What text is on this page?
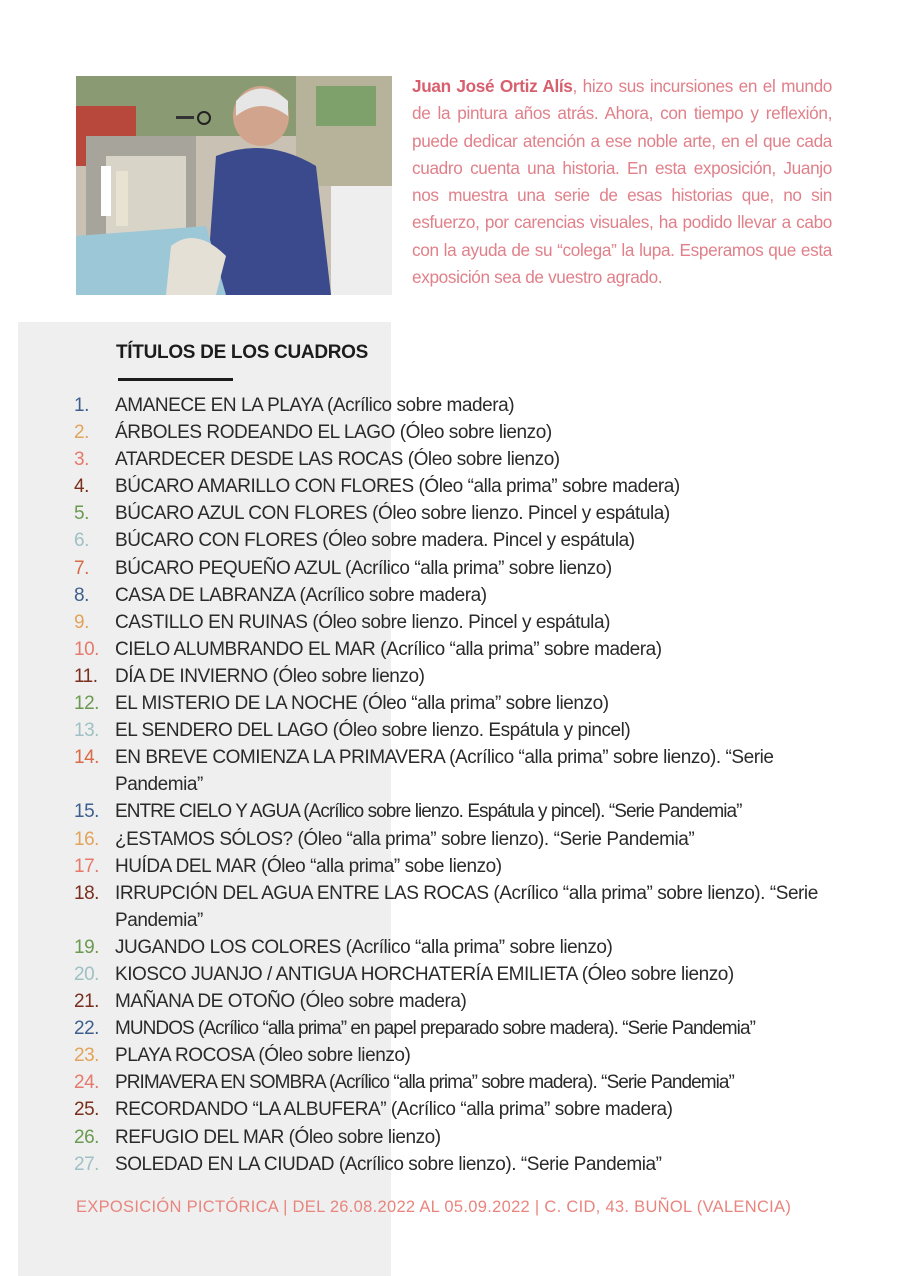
Juan José Ortiz Alís, hizo sus incursiones en el mundo de la pintura años atrás. Ahora, con tiempo y reflexión, puede dedicar atención a ese noble arte, en el que cada cuadro cuenta una historia. En esta exposición, Juanjo nos muestra una serie de esas historias que, no sin esfuerzo, por carencias visuales, ha podido llevar a cabo con la ayuda de su “colega” la lupa. Esperamos que esta exposición sea de vuestro agrado.
TÍTULOS DE LOS CUADROS
1. AMANECE EN LA PLAYA (Acrílico sobre madera)
2. ÁRBOLES RODEANDO EL LAGO (Óleo sobre lienzo)
3. ATARDECER DESDE LAS ROCAS (Óleo sobre lienzo)
4. BÚCARO AMARILLO CON FLORES (Óleo “alla prima” sobre madera)
5. BÚCARO AZUL CON FLORES (Óleo sobre lienzo. Pincel y espátula)
6. BÚCARO CON FLORES (Óleo sobre madera. Pincel y espátula)
7. BÚCARO PEQUEÑO AZUL (Acrílico “alla prima” sobre lienzo)
8. CASA DE LABRANZA (Acrílico sobre madera)
9. CASTILLO EN RUINAS (Óleo sobre lienzo. Pincel y espátula)
10. CIELO ALUMBRANDO EL MAR (Acrílico “alla prima” sobre madera)
11. DÍA DE INVIERNO (Óleo sobre lienzo)
12. EL MISTERIO DE LA NOCHE (Óleo “alla prima” sobre lienzo)
13. EL SENDERO DEL LAGO (Óleo sobre lienzo. Espátula y pincel)
14. EN BREVE COMIENZA LA PRIMAVERA (Acrílico “alla prima” sobre lienzo). “Serie Pandemia”
15. ENTRE CIELO Y AGUA (Acrílico sobre lienzo. Espátula y pincel). “Serie Pandemia”
16. ¿ESTAMOS SÓLOS? (Óleo “alla prima” sobre lienzo). “Serie Pandemia”
17. HUÍDA DEL MAR (Óleo “alla prima” sobe lienzo)
18. IRRUPCIÓN DEL AGUA ENTRE LAS ROCAS (Acrílico “alla prima” sobre lienzo). “Serie Pandemia”
19. JUGANDO LOS COLORES (Acrílico “alla prima” sobre lienzo)
20. KIOSCO JUANJO / ANTIGUA HORCHATERÍA EMILIETA (Óleo sobre lienzo)
21. MAÑANA DE OTOÑO (Óleo sobre madera)
22. MUNDOS (Acrílico “alla prima” en papel preparado sobre madera). “Serie Pandemia”
23. PLAYA ROCOSA (Óleo sobre lienzo)
24. PRIMAVERA EN SOMBRA (Acrílico “alla prima” sobre madera). “Serie Pandemia”
25. RECORDANDO “LA ALBUFERA” (Acrílico “alla prima” sobre madera)
26. REFUGIO DEL MAR (Óleo sobre lienzo)
27. SOLEDAD EN LA CIUDAD (Acrílico sobre lienzo). “Serie Pandemia”
EXPOSICIÓN PICTÓRICA | DEL 26.08.2022 AL 05.09.2022 | C. CID, 43. BUÑOL (VALENCIA)
